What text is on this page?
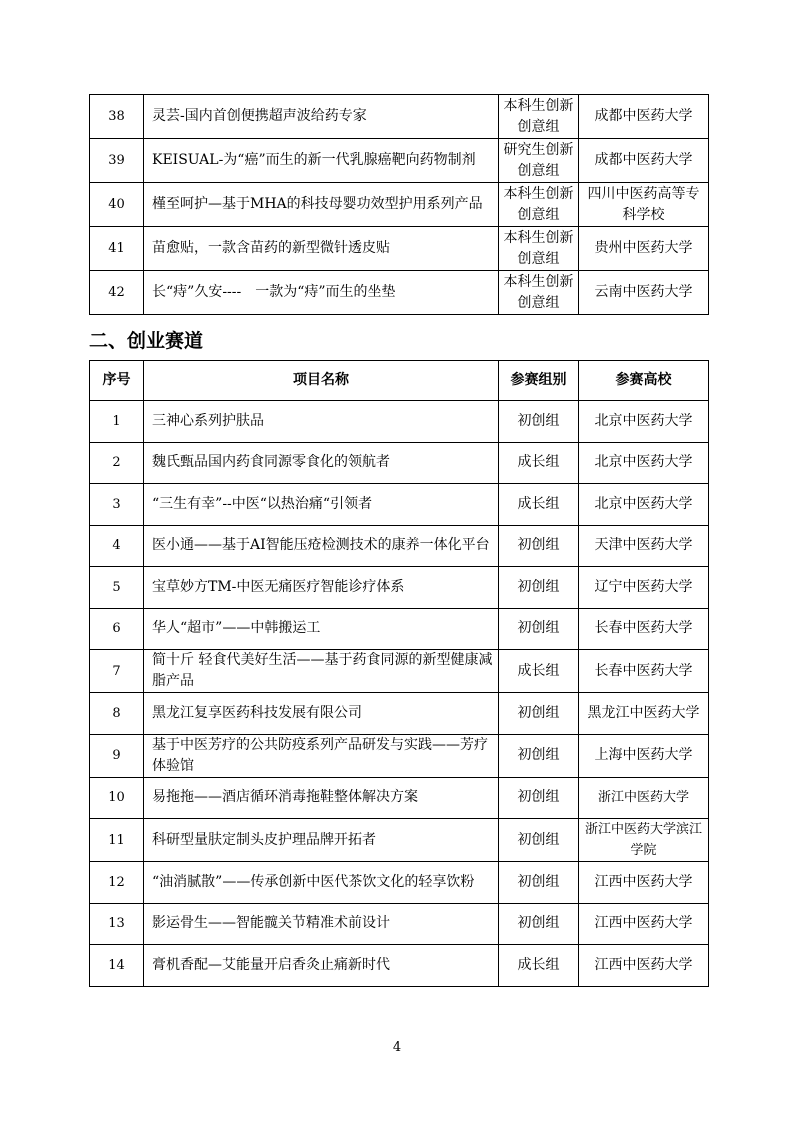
38	灵芸-国内首创便携超声波给药专家	本科生创新创意组	成都中医药大学
39	KEISUAL-为“癌”而生的新一代乳腺癌靶向药物制剂	研究生创新创意组	成都中医药大学
40	槿至呵护—基于MHA的科技母婴功效型护用系列产品	本科生创新创意组	四川中医药高等专科学校
41	苗愈贴，一款含苗药的新型微针透皮贴	本科生创新创意组	贵州中医药大学
42	长“痔”久安----　一款为“痔”而生的坐垫	本科生创新创意组	云南中医药大学
二、创业赛道
序号	项目名称	参赛组别	参赛高校
1	三神心系列护肤品	初创组	北京中医药大学
2	魏氏甄品国内药食同源零食化的领航者	成长组	北京中医药大学
3	“三生有幸”--中医“以热治痛“引领者	成长组	北京中医药大学
4	医小通——基于AI智能压疮检测技术的康养一体化平台	初创组	天津中医药大学
5	宝草妙方TM-中医无痛医疗智能诊疗体系	初创组	辽宁中医药大学
6	华人“超市”——中韩搬运工	初创组	长春中医药大学
7	简十斤 轻食代美好生活——基于药食同源的新型健康减脂产品	成长组	长春中医药大学
8	黑龙江复享医药科技发展有限公司	初创组	黑龙江中医药大学
9	基于中医芳疗的公共防疫系列产品研发与实践——芳疗体验馆	初创组	上海中医药大学
10	易拖拖——酒店循环消毒拖鞋整体解决方案	初创组	浙江中医药大学
11	科研型量肤定制头皮护理品牌开拓者	初创组	浙江中医药大学滨江学院
12	“油消腻散”——传承创新中医代茶饮文化的轻享饮粉	初创组	江西中医药大学
13	影运骨生——智能髋关节精准术前设计	初创组	江西中医药大学
14	膏机香配—艾能量开启香灸止痛新时代	成长组	江西中医药大学
4
